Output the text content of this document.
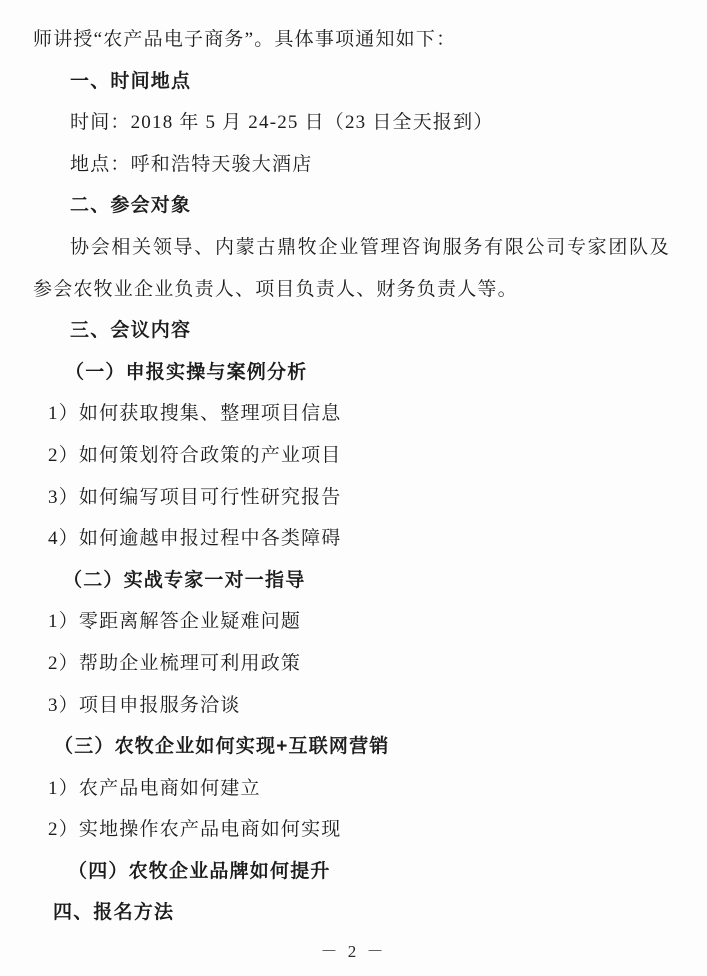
师讲授“农产品电子商务”。具体事项通知如下：

一、时间地点

时间：2018 年 5 月 24-25 日（23 日全天报到）

地点：呼和浩特天骏大酒店

二、参会对象

协会相关领导、内蒙古鼎牧企业管理咨询服务有限公司专家团队及参会农牧业企业负责人、项目负责人、财务负责人等。

三、会议内容

（一）申报实操与案例分析

1）如何获取搜集、整理项目信息

2）如何策划符合政策的产业项目

3）如何编写项目可行性研究报告

4）如何逾越申报过程中各类障碍

（二）实战专家一对一指导

1）零距离解答企业疑难问题

2）帮助企业梳理可利用政策

3）项目申报服务洽谈

（三）农牧企业如何实现+互联网营销

1）农产品电商如何建立

2）实地操作农产品电商如何实现

（四）农牧企业品牌如何提升

四、报名方法

－ 2 －
